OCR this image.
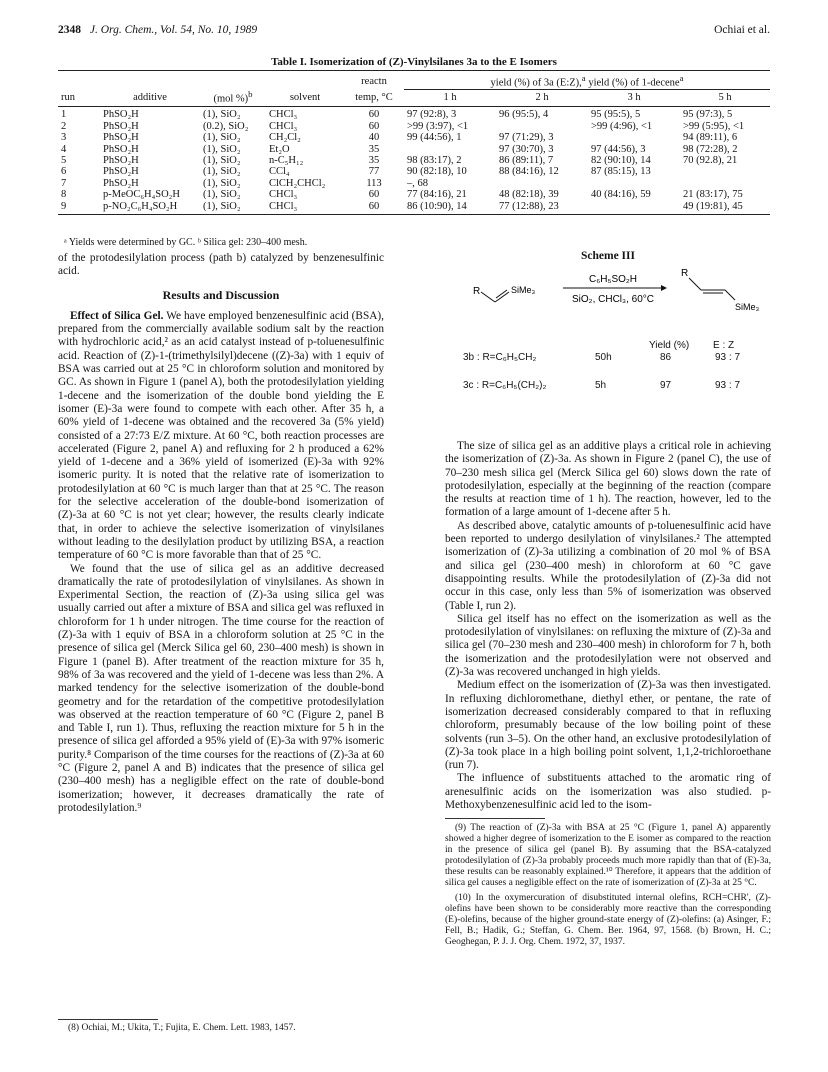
2348 J. Org. Chem., Vol. 54, No. 10, 1989	Ochiai et al.
Table I. Isomerization of (Z)-Vinylsilanes 3a to the E Isomers
				reactn	yield (%) of 3a (E:Z),$^a$ yield (%) of 1-decene$^a$
run	additive	(mol %)$^b$	solvent	temp, °C	1 h	2 h	3 h	5 h
1	PhSO₂H	(1), SiO₂	CHCl₃	60	97 (92:8), 3	96 (95:5), 4	95 (95:5), 5	95 (97:3), 5
2	PhSO₂H	(0.2), SiO₂	CHCl₃	60	>99 (3:97), <1		>99 (4:96), <1	>99 (5:95), <1
3	PhSO₂H	(1), SiO₂	CH₂Cl₂	40	99 (44:56), 1	97 (71:29), 3		94 (89:11), 6
4	PhSO₂H	(1), SiO₂	Et₂O	35		97 (30:70), 3	97 (44:56), 3	98 (72:28), 2
5	PhSO₂H	(1), SiO₂	n-C₅H₁₂	35	98 (83:17), 2	86 (89:11), 7	82 (90:10), 14	70 (92.8), 21
6	PhSO₂H	(1), SiO₂	CCl₄	77	90 (82:18), 10	88 (84:16), 12	87 (85:15), 13	
7	PhSO₂H	(1), SiO₂	ClCH₂CHCl₂	113	–, 68			
8	p-MeOC₆H₄SO₂H	(1), SiO₂	CHCl₃	60	77 (84:16), 21	48 (82:18), 39	40 (84:16), 59	21 (83:17), 75
9	p-NO₂C₆H₄SO₂H	(1), SiO₂	CHCl₃	60	86 (10:90), 14	77 (12:88), 23		49 (19:81), 45
ᵃ Yields were determined by GC. ᵇ Silica gel: 230–400 mesh.

of the protodesilylation process (path b) catalyzed by benzenesulfinic acid.

Results and Discussion

Effect of Silica Gel. We have employed benzenesulfinic acid (BSA), prepared from the commercially available sodium salt by the reaction with hydrochloric acid,² as an acid catalyst instead of p-toluenesulfinic acid. Reaction of (Z)-1-(trimethylsilyl)decene ((Z)-3a) with 1 equiv of BSA was carried out at 25 °C in chloroform solution and monitored by GC. As shown in Figure 1 (panel A), both the protodesilylation yielding 1-decene and the isomerization of the double bond yielding the E isomer (E)-3a were found to compete with each other. After 35 h, a 60% yield of 1-decene was obtained and the recovered 3a (5% yield) consisted of a 27:73 E/Z mixture. At 60 °C, both reaction processes are accelerated (Figure 2, panel A) and refluxing for 2 h produced a 62% yield of 1-decene and a 36% yield of isomerized (E)-3a with 92% isomeric purity. It is noted that the relative rate of isomerization to protodesilylation at 60 °C is much larger than that at 25 °C. The reason for the selective acceleration of the double-bond isomerization of (Z)-3a at 60 °C is not yet clear; however, the results clearly indicate that, in order to achieve the selective isomerization of vinylsilanes without leading to the desilylation product by utilizing BSA, a reaction temperature of 60 °C is more favorable than that of 25 °C.

We found that the use of silica gel as an additive decreased dramatically the rate of protodesilylation of vinylsilanes. As shown in Experimental Section, the reaction of (Z)-3a using silica gel was usually carried out after a mixture of BSA and silica gel was refluxed in chloroform for 1 h under nitrogen. The time course for the reaction of (Z)-3a with 1 equiv of BSA in a chloroform solution at 25 °C in the presence of silica gel (Merck Silica gel 60, 230–400 mesh) is shown in Figure 1 (panel B). After treatment of the reaction mixture for 35 h, 98% of 3a was recovered and the yield of 1-decene was less than 2%. A marked tendency for the selective isomerization of the double-bond geometry and for the retardation of the competitive protodesilylation was observed at the reaction temperature of 60 °C (Figure 2, panel B and Table I, run 1). Thus, refluxing the reaction mixture for 5 h in the presence of silica gel afforded a 95% yield of (E)-3a with 97% isomeric purity.⁸ Comparison of the time courses for the reactions of (Z)-3a at 60 °C (Figure 2, panel A and B) indicates that the presence of silica gel (230–400 mesh) has a negligible effect on the rate of double-bond isomerization; however, it decreases dramatically the rate of protodesilylation.⁹

(8) Ochiai, M.; Ukita, T.; Fujita, E. Chem. Lett. 1983, 1457.
Scheme III
R	SiMe₃
C₆H₅SO₂H
SiO₂, CHCl₃, 60°C
R
SiMe₃
Yield (%) E : Z
3b : R=C₆H₅CH₂	50h	86	93 : 7
3c : R=C₆H₅(CH₂)₂	5h	97	93 : 7

The size of silica gel as an additive plays a critical role in achieving the isomerization of (Z)-3a. As shown in Figure 2 (panel C), the use of 70–230 mesh silica gel (Merck Silica gel 60) slows down the rate of protodesilylation, especially at the beginning of the reaction (compare the results at reaction time of 1 h). The reaction, however, led to the formation of a large amount of 1-decene after 5 h.

As described above, catalytic amounts of p-toluenesulfinic acid have been reported to undergo desilylation of vinylsilanes.² The attempted isomerization of (Z)-3a utilizing a combination of 20 mol % of BSA and silica gel (230–400 mesh) in chloroform at 60 °C gave disappointing results. While the protodesilylation of (Z)-3a did not occur in this case, only less than 5% of isomerization was observed (Table I, run 2).

Silica gel itself has no effect on the isomerization as well as the protodesilylation of vinylsilanes: on refluxing the mixture of (Z)-3a and silica gel (70–230 mesh and 230–400 mesh) in chloroform for 7 h, both the isomerization and the protodesilylation were not observed and (Z)-3a was recovered unchanged in high yields.

Medium effect on the isomerization of (Z)-3a was then investigated. In refluxing dichloromethane, diethyl ether, or pentane, the rate of isomerization decreased considerably compared to that in refluxing chloroform, presumably because of the low boiling point of these solvents (run 3–5). On the other hand, an exclusive protodesilylation of (Z)-3a took place in a high boiling point solvent, 1,1,2-trichloroethane (run 7).

The influence of substituents attached to the aromatic ring of arenesulfinic acids on the isomerization was also studied. p-Methoxybenzenesulfinic acid led to the isom-

(9) The reaction of (Z)-3a with BSA at 25 °C (Figure 1, panel A) apparently showed a higher degree of isomerization to the E isomer as compared to the reaction in the presence of silica gel (panel B). By assuming that the BSA-catalyzed protodesilylation of (Z)-3a probably proceeds much more rapidly than that of (E)-3a, these results can be reasonably explained.¹⁰ Therefore, it appears that the addition of silica gel causes a negligible effect on the rate of isomerization of (Z)-3a at 25 °C.

(10) In the oxymercuration of disubstituted internal olefins, RCH=CHR', (Z)-olefins have been shown to be considerably more reactive than the corresponding (E)-olefins, because of the higher ground-state energy of (Z)-olefins: (a) Asinger, F.; Fell, B.; Hadik, G.; Steffan, G. Chem. Ber. 1964, 97, 1568. (b) Brown, H. C.; Geoghegan, P. J. J. Org. Chem. 1972, 37, 1937.
